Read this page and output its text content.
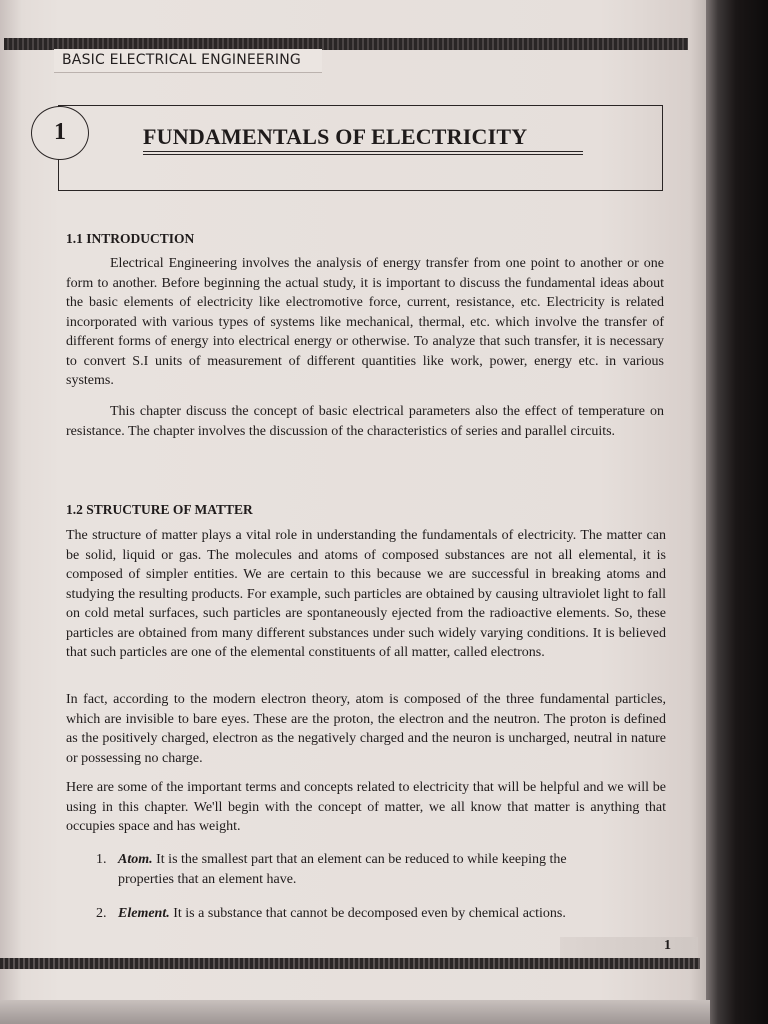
BASIC ELECTRICAL ENGINEERING
1	FUNDAMENTALS OF ELECTRICITY
1.1 INTRODUCTION

Electrical Engineering involves the analysis of energy transfer from one point to another or one form to another. Before beginning the actual study, it is important to discuss the fundamental ideas about the basic elements of electricity like electromotive force, current, resistance, etc. Electricity is related incorporated with various types of systems like mechanical, thermal, etc. which involve the transfer of different forms of energy into electrical energy or otherwise. To analyze that such transfer, it is necessary to convert S.I units of measurement of different quantities like work, power, energy etc. in various systems.

This chapter discuss the concept of basic electrical parameters also the effect of temperature on resistance. The chapter involves the discussion of the characteristics of series and parallel circuits.

1.2 STRUCTURE OF MATTER

The structure of matter plays a vital role in understanding the fundamentals of electricity. The matter can be solid, liquid or gas. The molecules and atoms of composed substances are not all elemental, it is composed of simpler entities. We are certain to this because we are successful in breaking atoms and studying the resulting products. For example, such particles are obtained by causing ultraviolet light to fall on cold metal surfaces, such particles are spontaneously ejected from the radioactive elements. So, these particles are obtained from many different substances under such widely varying conditions. It is believed that such particles are one of the elemental constituents of all matter, called electrons.

In fact, according to the modern electron theory, atom is composed of the three fundamental particles, which are invisible to bare eyes. These are the proton, the electron and the neutron. The proton is defined as the positively charged, electron as the negatively charged and the neuron is uncharged, neutral in nature or possessing no charge.

Here are some of the important terms and concepts related to electricity that will be helpful and we will be using in this chapter. We'll begin with the concept of matter, we all know that matter is anything that occupies space and has weight.

1. Atom. It is the smallest part that an element can be reduced to while keeping the properties that an element have.
2. Element. It is a substance that cannot be decomposed even by chemical actions.
1
